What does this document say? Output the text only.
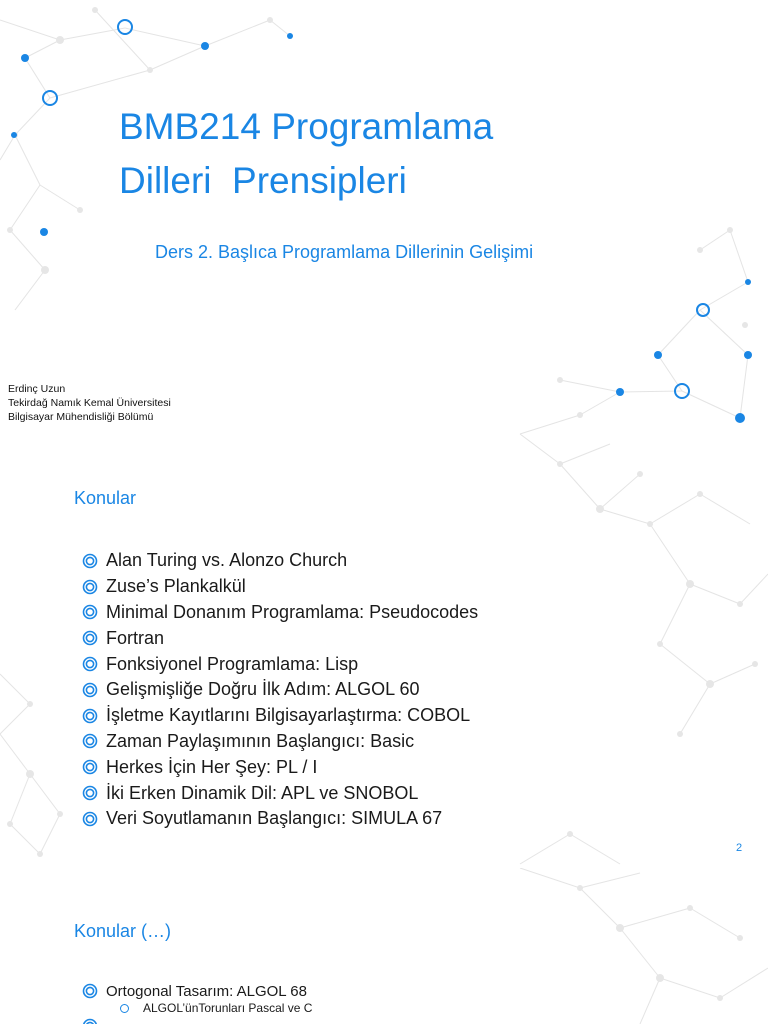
BMB214 Programlama
Dilleri  Prensipleri

Ders 2. Başlıca Programlama Dillerinin Gelişimi

Erdinç Uzun
Tekirdağ Namık Kemal Üniversitesi
Bilgisayar Mühendisliği Bölümü
Konular
Alan Turing vs. Alonzo Church
Zuse’s Plankalkül
Minimal Donanım Programlama: Pseudocodes
Fortran
Fonksiyonel Programlama: Lisp
Gelişmişliğe Doğru İlk Adım: ALGOL 60
İşletme Kayıtlarını Bilgisayarlaştırma: COBOL
Zaman Paylaşımının Başlangıcı: Basic
Herkes İçin Her Şey: PL / I
İki Erken Dinamik Dil: APL ve SNOBOL
Veri Soyutlamanın Başlangıcı: SIMULA 67
2
Konular (…)
Ortogonal Tasarım: ALGOL 68
ALGOL’ünTorunları Pascal ve C
